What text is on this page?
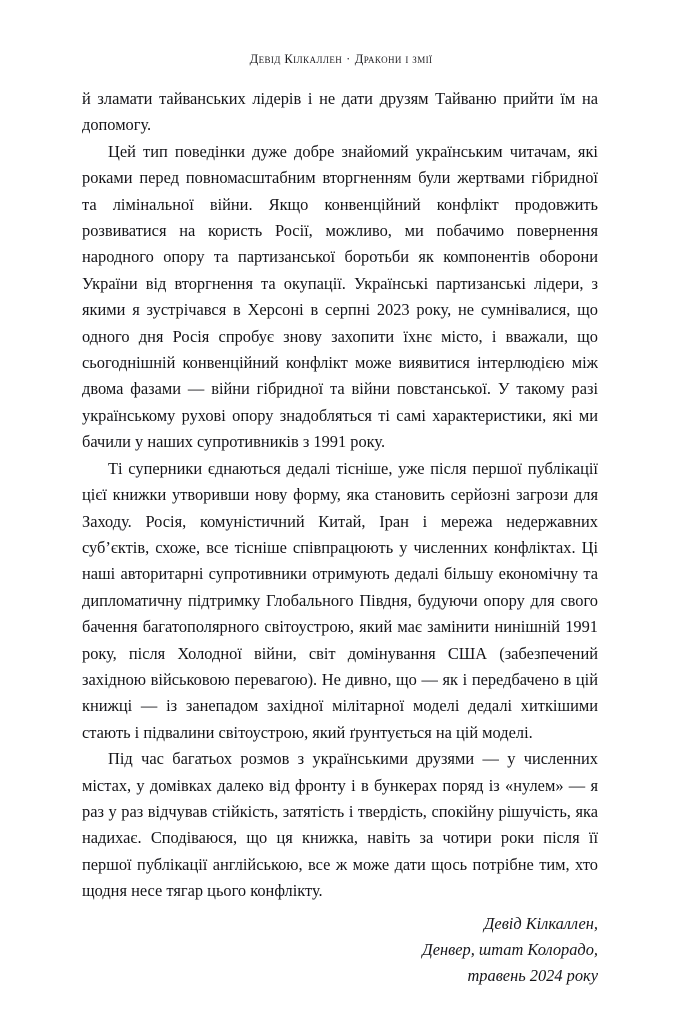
Девід Кілкаллен · Дракони і змії

й зламати тайванських лідерів і не дати друзям Тайваню прийти їм на допомогу.

Цей тип поведінки дуже добре знайомий українським читачам, які роками перед повномасштабним вторгненням були жертвами гібридної та лімінальної війни. Якщо конвенційний конфлікт продовжить розвиватися на користь Росії, можливо, ми побачимо повернення народного опору та партизанської боротьби як компонентів оборони України від вторгнення та окупації. Українські партизанські лідери, з якими я зустрічався в Херсоні в серпні 2023 року, не сумнівалися, що одного дня Росія спробує знову захопити їхнє місто, і вважали, що сьогоднішній конвенційний конфлікт може виявитися інтерлюдією між двома фазами — війни гібридної та війни повстанської. У такому разі українському рухові опору знадобляться ті самі характеристики, які ми бачили у наших супротивників з 1991 року.

Ті суперники єднаються дедалі тісніше, уже після першої публікації цієї книжки утворивши нову форму, яка становить серйозні загрози для Заходу. Росія, комуністичний Китай, Іран і мережа недержавних суб’єктів, схоже, все тісніше співпрацюють у численних конфліктах. Ці наші авторитарні супротивники отримують дедалі більшу економічну та дипломатичну підтримку Глобального Півдня, будуючи опору для свого бачення багатополярного світоустрою, який має замінити нинішній 1991 року, після Холодної війни, світ домінування США (забезпечений західною військовою перевагою). Не дивно, що — як і передбачено в цій книжці — із занепадом західної мілітарної моделі дедалі хиткішими стають і підвалини світоустрою, який ґрунтується на цій моделі.

Під час багатьох розмов з українськими друзями — у численних містах, у домівках далеко від фронту і в бункерах поряд із «нулем» — я раз у раз відчував стійкість, затятість і твердість, спокійну рішучість, яка надихає. Сподіваюся, що ця книжка, навіть за чотири роки після її першої публікації англійською, все ж може дати щось потрібне тим, хто щодня несе тягар цього конфлікту.

Девід Кілкаллен,
Денвер, штат Колорадо,
травень 2024 року
